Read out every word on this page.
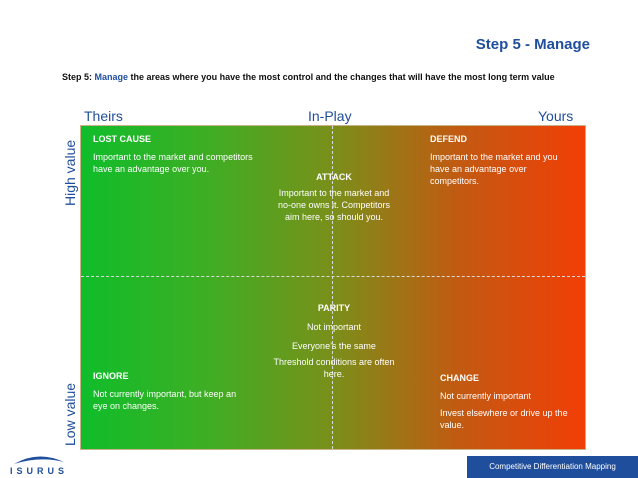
Step 5 - Manage
Step 5: Manage the areas where you have the most control and the changes that will have the most long term value
Theirs	In-Play	Yours
High value
Low value
LOST CAUSE
Important to the market and competitors have an advantage over you.
DEFEND
Important to the market and you have an advantage over competitors.
ATTACK
Important to the market and no-one owns it. Competitors aim here, so should you.
PARITY
Not important
Everyone’s the same
Threshold conditions are often here.
IGNORE
Not currently important, but keep an eye on changes.
CHANGE
Not currently important
Invest elsewhere or drive up the value.
ISURUS	Competitive Differentiation Mapping
